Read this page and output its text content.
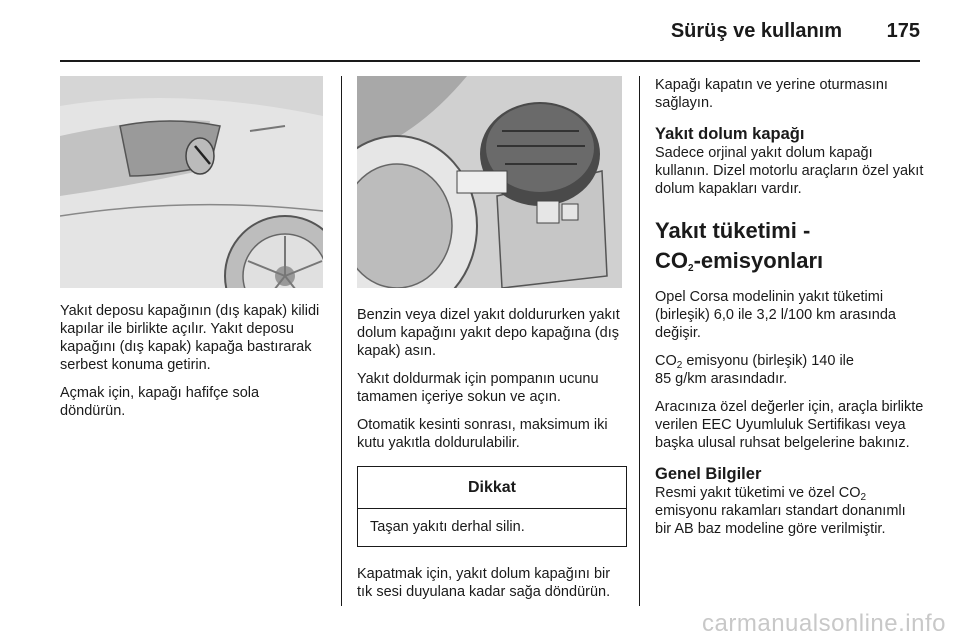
Sürüş ve kullanım 175

Yakıt deposu kapağının (dış kapak) kilidi kapılar ile birlikte açılır. Yakıt deposu kapağını (dış kapak) kapağa bastırarak serbest konuma getirin.

Açmak için, kapağı hafifçe sola döndürün.

Benzin veya dizel yakıt doldururken yakıt dolum kapağını yakıt depo kapağına (dış kapak) asın.

Yakıt doldurmak için pompanın ucunu tamamen içeriye sokun ve açın.

Otomatik kesinti sonrası, maksimum iki kutu yakıtla doldurulabilir.

Dikkat
Taşan yakıtı derhal silin.

Kapatmak için, yakıt dolum kapağını bir tık sesi duyulana kadar sağa döndürün.

Kapağı kapatın ve yerine oturmasını sağlayın.

Yakıt dolum kapağı

Sadece orjinal yakıt dolum kapağı kullanın. Dizel motorlu araçların özel yakıt dolum kapakları vardır.

Yakıt tüketimi -
$CO_2$-emisyonları

Opel Corsa modelinin yakıt tüketimi (birleşik) 6,0 ile 3,2 l/100 km arasında değişir.

$CO_2$ emisyonu (birleşik) 140 ile
85 g/km arasındadır.

Aracınıza özel değerler için, araçla birlikte verilen EEC Uyumluluk Sertifikası veya başka ulusal ruhsat belgelerine bakınız.

Genel Bilgiler

Resmi yakıt tüketimi ve özel $CO_2$
emisyonu rakamları standart donanımlı bir AB baz modeline göre verilmiştir.

carmanualsonline.info
